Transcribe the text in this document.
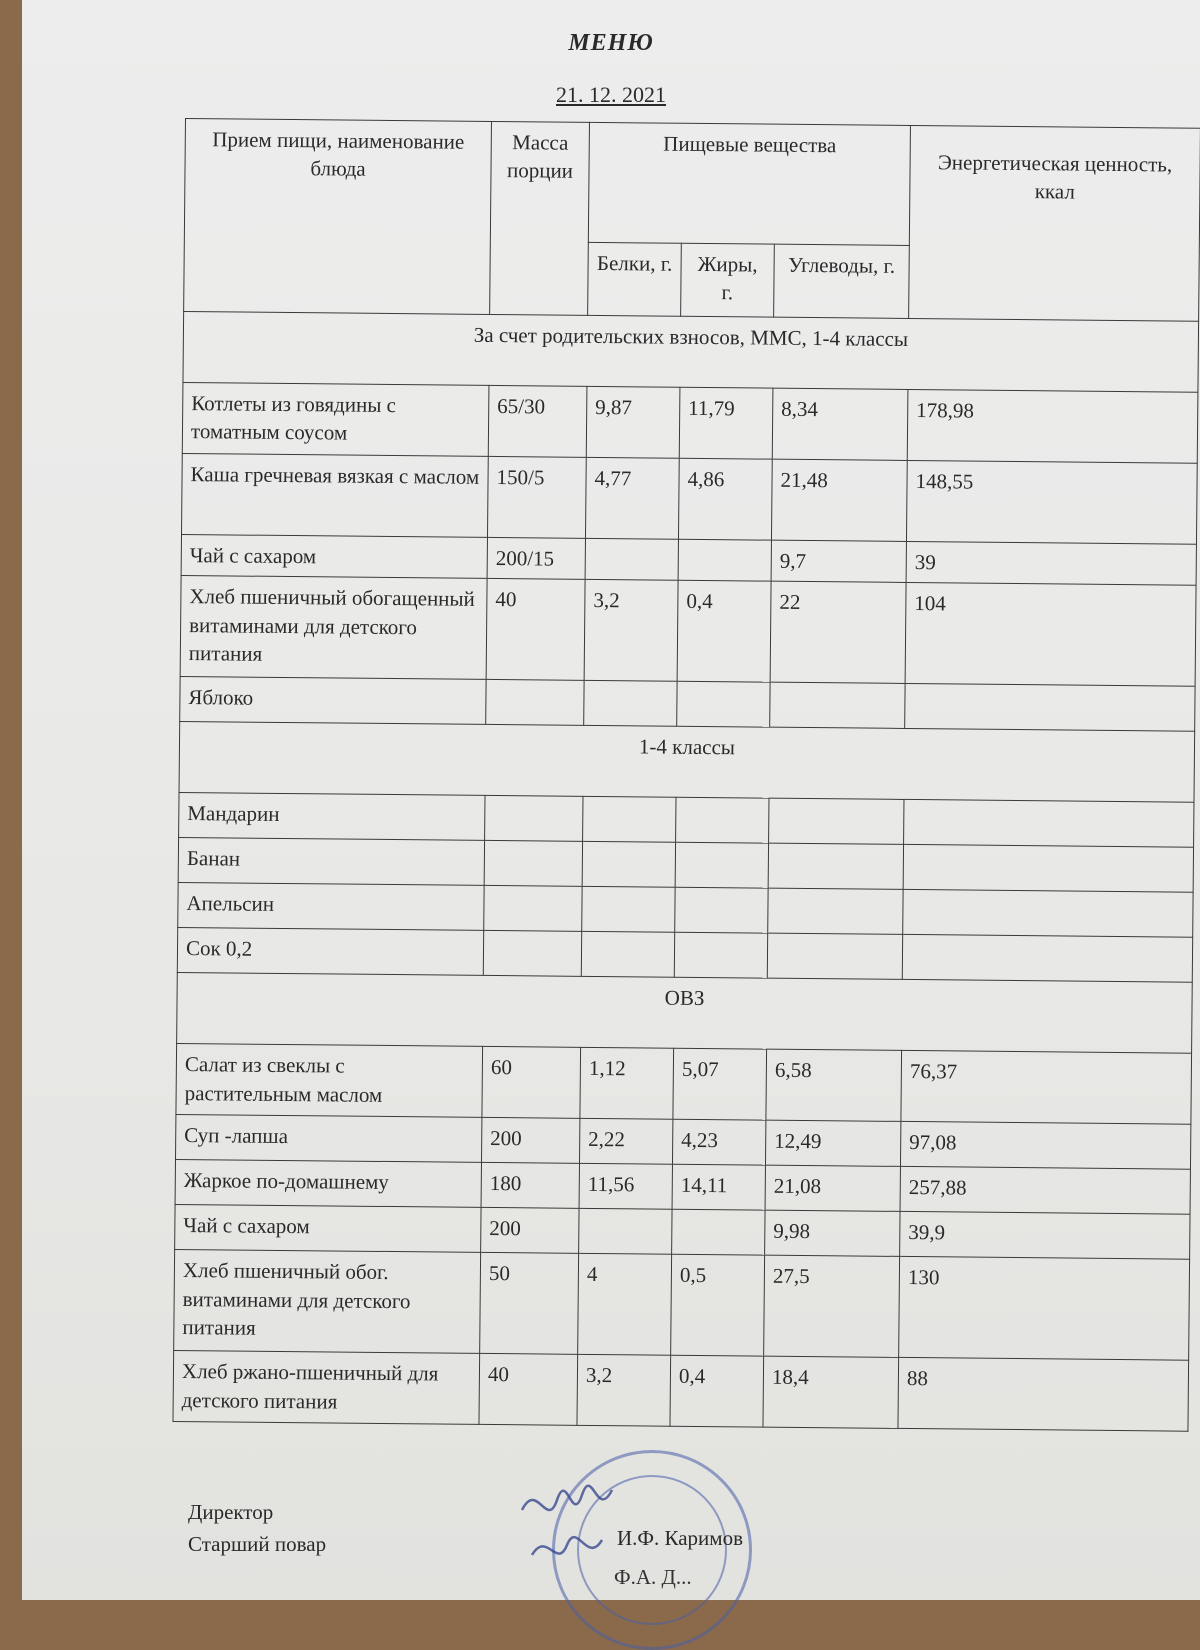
МЕНЮ
21. 12. 2021
Прием пищи, наименование блюда	Масса порции	Пищевые вещества			Энергетическая ценность, ккал
		Белки, г.	Жиры, г.	Углеводы, г.	
За счет родительских взносов, ММС, 1-4 классы					
Котлеты из говядины с томатным соусом	65/30	9,87	11,79	8,34	178,98
Каша гречневая вязкая с маслом	150/5	4,77	4,86	21,48	148,55
Чай с сахаром	200/15			9,7	39
Хлеб пшеничный обогащенный витаминами для детского питания	40	3,2	0,4	22	104
Яблоко					
1-4 классы					
Мандарин					
Банан					
Апельсин					
Сок 0,2					
ОВЗ					
Салат из свеклы с растительным маслом	60	1,12	5,07	6,58	76,37
Суп -лапша	200	2,22	4,23	12,49	97,08
Жаркое по-домашнему	180	11,56	14,11	21,08	257,88
Чай с сахаром	200			9,98	39,9
Хлеб пшеничный обог. витаминами для детского питания	50	4	0,5	27,5	130
Хлеб ржано-пшеничный для детского питания	40	3,2	0,4	18,4	88
Директор
Старший повар	И.Ф. Каримов
Ф.А. Д...
